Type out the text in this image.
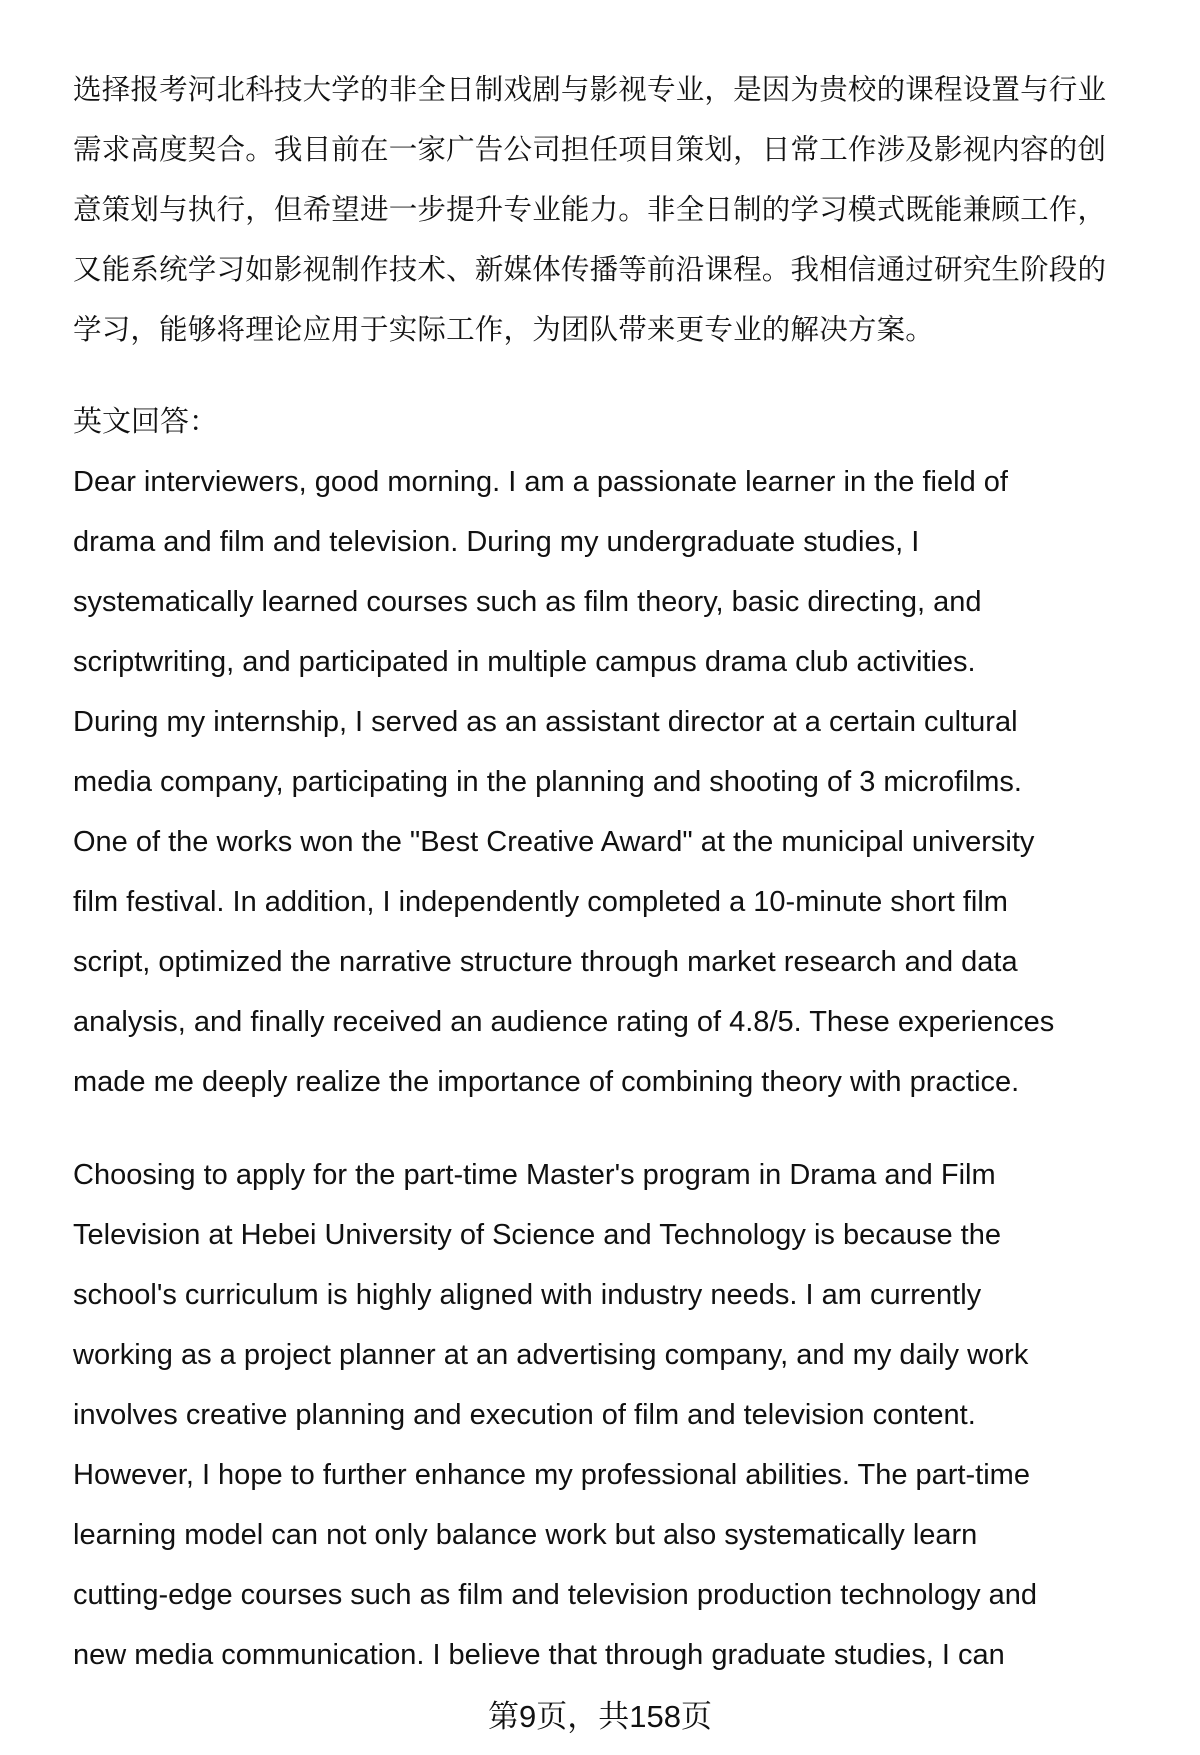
选择报考河北科技大学的非全日制戏剧与影视专业，是因为贵校的课程设置与行业
需求高度契合。我目前在一家广告公司担任项目策划，日常工作涉及影视内容的创
意策划与执行，但希望进一步提升专业能力。非全日制的学习模式既能兼顾工作，
又能系统学习如影视制作技术、新媒体传播等前沿课程。我相信通过研究生阶段的
学习，能够将理论应用于实际工作，为团队带来更专业的解决方案。
英文回答：
Dear interviewers, good morning. I am a passionate learner in the field of
drama and film and television. During my undergraduate studies, I
systematically learned courses such as film theory, basic directing, and
scriptwriting, and participated in multiple campus drama club activities.
During my internship, I served as an assistant director at a certain cultural
media company, participating in the planning and shooting of 3 microfilms.
One of the works won the "Best Creative Award" at the municipal university
film festival. In addition, I independently completed a 10-minute short film
script, optimized the narrative structure through market research and data
analysis, and finally received an audience rating of 4.8/5. These experiences
made me deeply realize the importance of combining theory with practice.
Choosing to apply for the part-time Master's program in Drama and Film
Television at Hebei University of Science and Technology is because the
school's curriculum is highly aligned with industry needs. I am currently
working as a project planner at an advertising company, and my daily work
involves creative planning and execution of film and television content.
However, I hope to further enhance my professional abilities. The part-time
learning model can not only balance work but also systematically learn
cutting-edge courses such as film and television production technology and
new media communication. I believe that through graduate studies, I can
第9页，共158页
